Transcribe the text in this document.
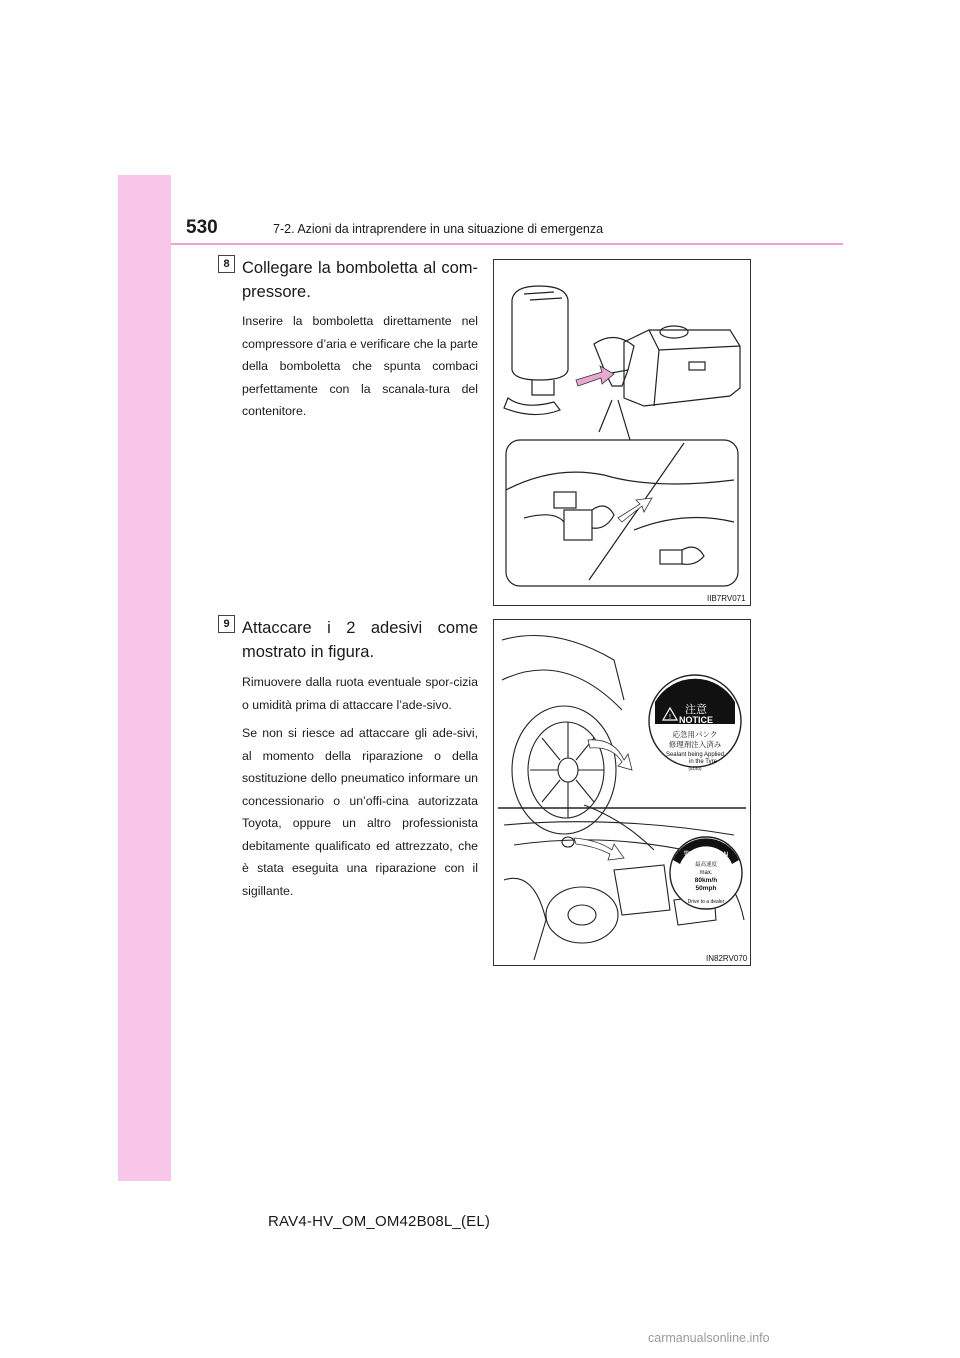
530	7-2. Azioni da intraprendere in una situazione di emergenza
8 Collegare la bomboletta al com-pressore.

Inserire la bomboletta direttamente nel compressore d’aria e verificare che la parte della bomboletta che spunta combaci perfettamente con la scanala-tura del contenitore.

IIB7RV071
9 Attaccare i 2 adesivi come mostrato in figura.

Rimuovere dalla ruota eventuale spor-cizia o umidità prima di attaccare l’ade-sivo.

Se non si riesce ad attaccare gli ade-sivi, al momento della riparazione o della sostituzione dello pneumatico informare un concessionario o un’offi-cina autorizzata Toyota, oppure un altro professionista debitamente qualificato ed attrezzato, che è stata eseguita una riparazione con il sigillante.

!
注意
NOTICE
応急用パンク
修理剤注入済み
Sealant being Applied
in the Tyre
(5140)
警告/CAUTION
最高速度
max.
80km/h
50mph
Drive to a dealer
IN82RV070
RAV4-HV_OM_OM42B08L_(EL)
carmanualsonline.info
